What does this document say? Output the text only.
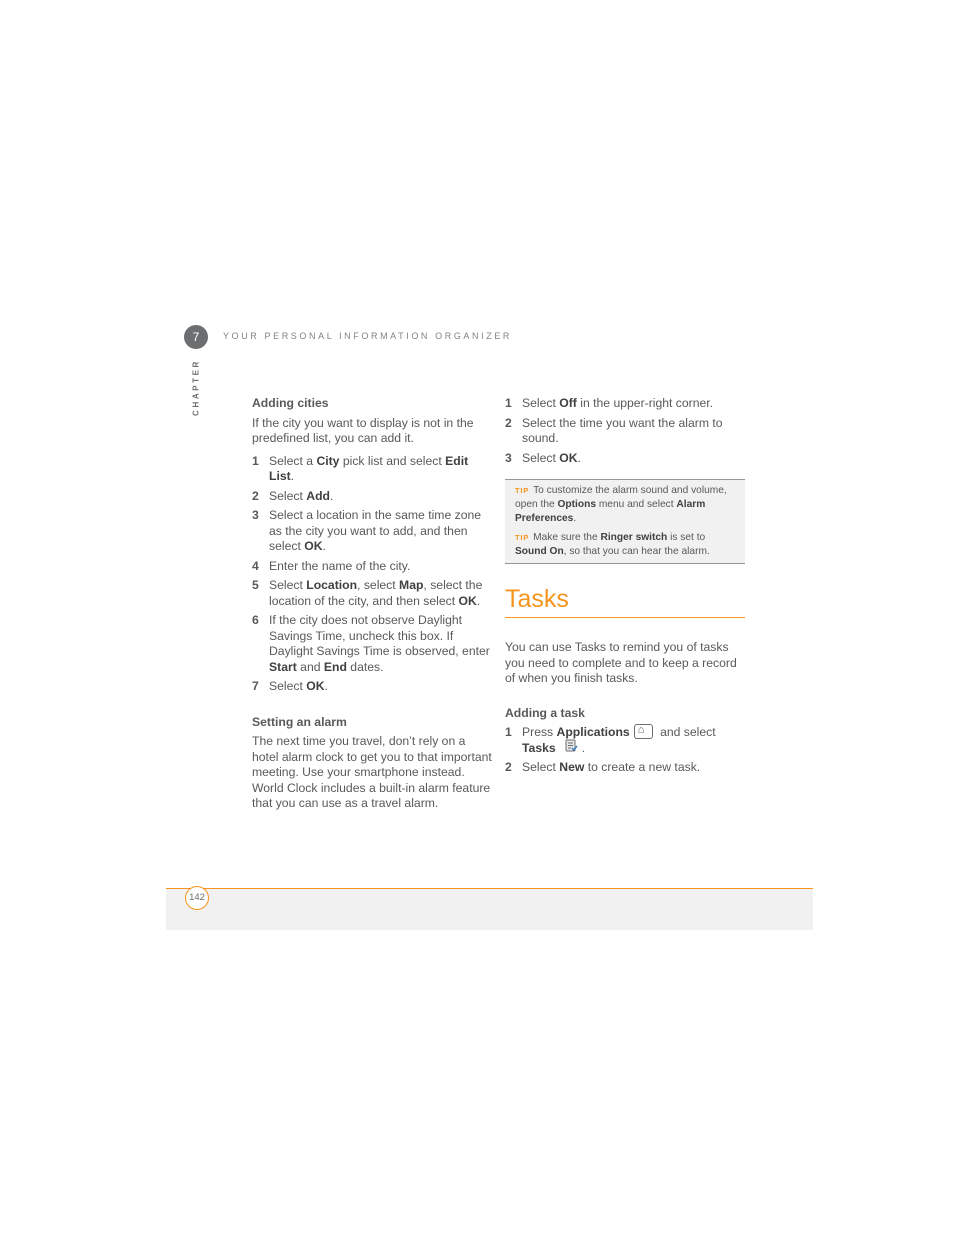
7	YOUR PERSONAL INFORMATION ORGANIZER
CHAPTER	Adding cities

If the city you want to display is not in the predefined list, you can add it.

1 Select a City pick list and select Edit List.
2 Select Add.
3 Select a location in the same time zone as the city you want to add, and then select OK.
4 Enter the name of the city.
5 Select Location, select Map, select the location of the city, and then select OK.
6 If the city does not observe Daylight Savings Time, uncheck this box. If Daylight Savings Time is observed, enter Start and End dates.
7 Select OK.
Setting an alarm

The next time you travel, don’t rely on a hotel alarm clock to get you to that important meeting. Use your smartphone instead. World Clock includes a built-in alarm feature that you can use as a travel alarm.

1 Select Off in the upper-right corner.
2 Select the time you want the alarm to sound.
3 Select OK.

TIP To customize the alarm sound and volume, open the Options menu and select Alarm Preferences.

TIP Make sure the Ringer switch is set to Sound On, so that you can hear the alarm.

Tasks

You can use Tasks to remind you of tasks you need to complete and to keep a record of when you finish tasks.

Adding a task
1 Press Applications⌂ and select
Tasks .
2 Select New to create a new task.
142
